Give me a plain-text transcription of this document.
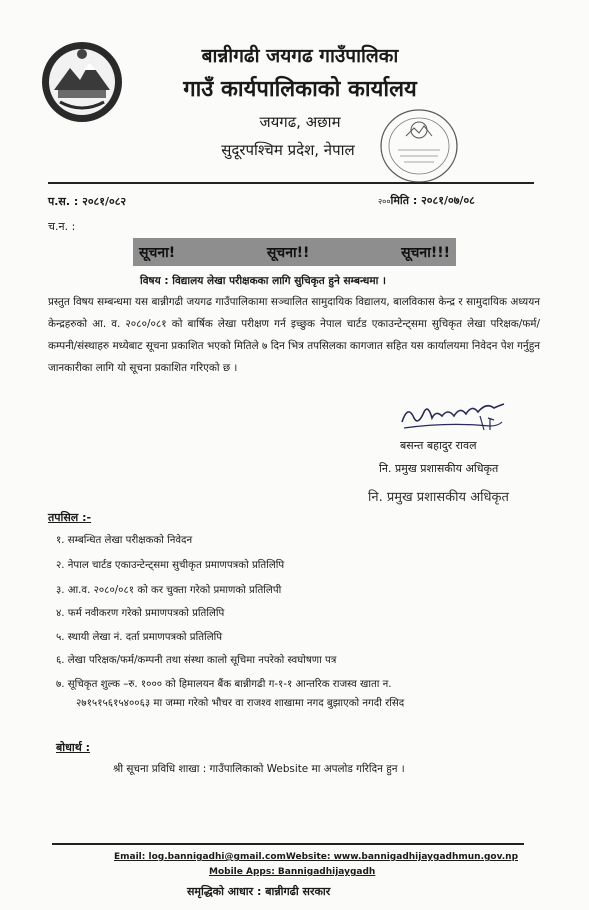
बान्नीगढी जयगढ गाउँपालिका
गाउँ कार्यपालिकाको कार्यालय
जयगढ, अछाम
सुदूरपश्चिम प्रदेश, नेपाल
प.स. : २०८१/०८२
च.न. :
२००मिति : २०८१/०७/०८
सूचना!	सूचना!!	सूचना!!!
विषय : विद्यालय लेखा परीक्षकका लागि सुचिकृत हुने सम्बन्धमा ।
प्रस्तुत विषय सम्बन्धमा यस बान्नीगढी जयगढ गाउँपालिकामा सञ्चालित सामुदायिक विद्यालय, बालविकास केन्द्र र सामुदायिक अध्ययन केन्द्रहरुको आ. व. २०८०/०८१ को बार्षिक लेखा परीक्षण गर्न इच्छुक नेपाल चार्टड एकाउन्टेन्ट्समा सुचिकृत लेखा परिक्षक/फर्म/कम्पनी/संस्थाहरु मध्येबाट सूचना प्रकाशित भएको मितिले ७ दिन भित्र तपसिलका कागजात सहित यस कार्यालयमा निवेदन पेश गर्नुहुन जानकारीका लागि यो सूचना प्रकाशित गरिएको छ ।
बसन्त बहादुर रावल
नि. प्रमुख प्रशासकीय अधिकृत
नि. प्रमुख प्रशासकीय अधिकृत
तपसिल :-
१. सम्बन्धित लेखा परीक्षकको निवेदन
२. नेपाल चार्टड एकाउन्टेन्ट्समा सुचीकृत प्रमाणपत्रको प्रतिलिपि
३. आ.व. २०८०/०८१ को कर चुक्ता गरेको प्रमाणको प्रतिलिपी
४. फर्म नवीकरण गरेको प्रमाणपत्रको प्रतिलिपि
५. स्थायी लेखा नं. दर्ता प्रमाणपत्रको प्रतिलिपि
६. लेखा परिक्षक/फर्म/कम्पनी तथा संस्था कालो सूचिमा नपरेको स्वघोषणा पत्र
७. सूचिकृत शुल्क –रु. १००० को हिमालयन बैंक बान्नीगढी ग-१-१ आन्तरिक राजस्व खाता न.
२७१५१५६१५४००६३ मा जम्मा गरेको भौचर वा राजश्व शाखामा नगद बुझाएको नगदी रसिद
बोधार्थ :
श्री सूचना प्रविधि शाखा : गाउँपालिकाको Website मा अपलोड गरिदिन हुन ।
Email: log.bannigadhi@gmail.comWebsite: www.bannigadhijaygadhmun.gov.np
Mobile Apps: Bannigadhijaygadh
समृद्धिको आधार : बान्नीगढी सरकार
